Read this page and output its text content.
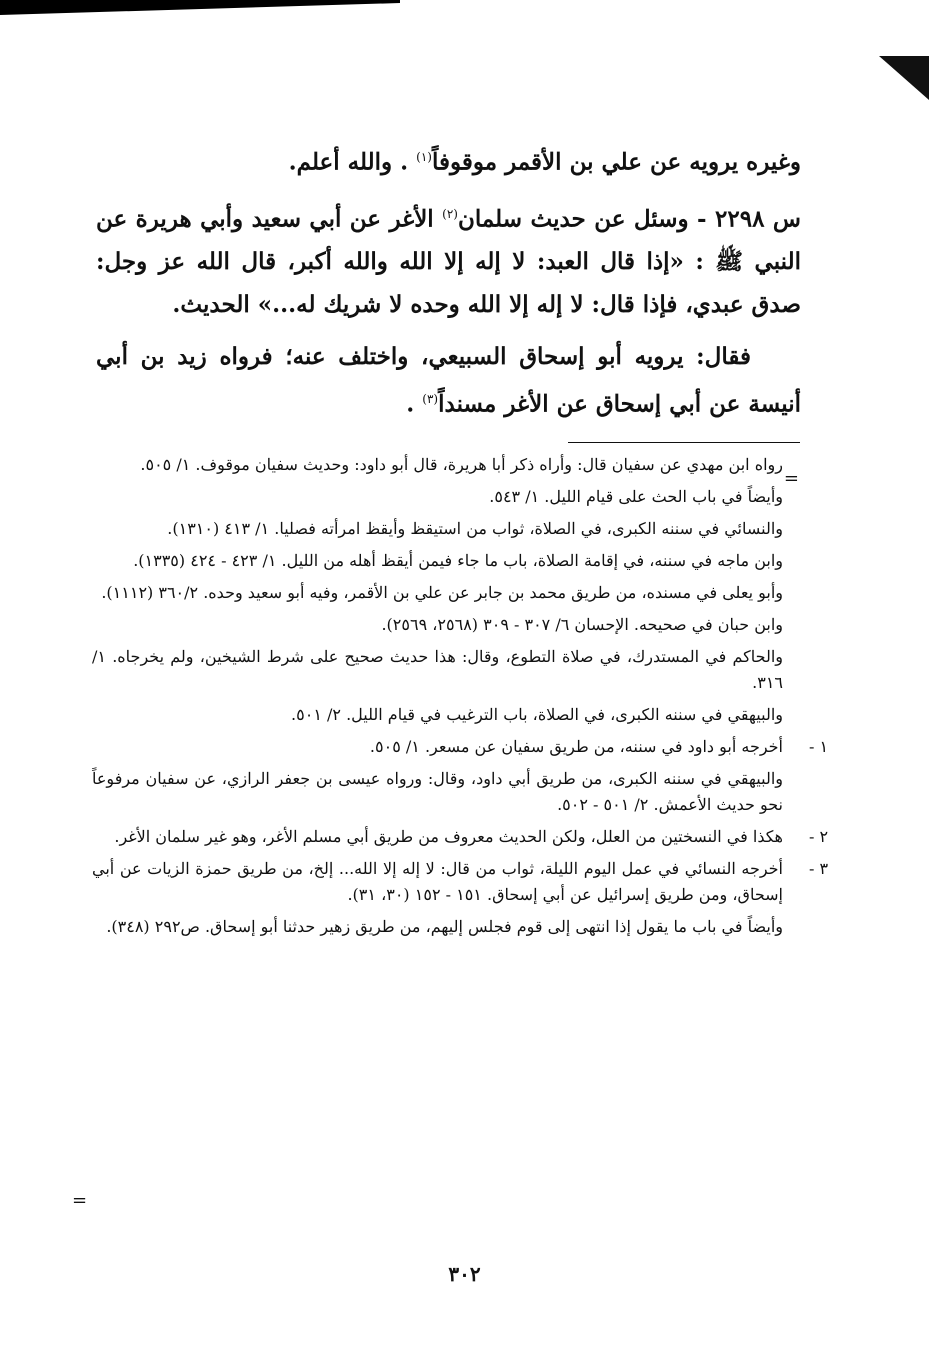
وغيره يرويه عن علي بن الأقمر موقوفاً$^{(١)}$ . والله أعلم.

س ٢٢٩٨ - وسئل عن حديث سلمان$^{(٢)}$ الأغر عن أبي سعيد وأبي هريرة عن النبي ﷺ : «إذا قال العبد: لا إله إلا الله والله أكبر، قال الله عز وجل: صدق عبدي، فإذا قال: لا إله إلا الله وحده لا شريك له...» الحديث.

فقال: يرويه أبو إسحاق السبيعي، واختلف عنه؛ فرواه زيد بن أبي أنيسة عن أبي إسحاق عن الأغر مسنداً$^{(٣)}$ .

=
=
رواه ابن مهدي عن سفيان قال: وأراه ذكر أبا هريرة، قال أبو داود: وحديث سفيان موقوف. ١/ ٥٠٥.
وأيضاً في باب الحث على قيام الليل. ١/ ٥٤٣.
والنسائي في سننه الكبرى، في الصلاة، ثواب من استيقظ وأيقظ امرأته فصليا. ١/ ٤١٣ (١٣١٠).
وابن ماجه في سننه، في إقامة الصلاة، باب ما جاء فيمن أيقظ أهله من الليل. ١/ ٤٢٣ - ٤٢٤ (١٣٣٥).
وأبو يعلى في مسنده، من طريق محمد بن جابر عن علي بن الأقمر، وفيه أبو سعيد وحده. ٣٦٠/٢ (١١١٢).
وابن حبان في صحيحه. الإحسان ٦/ ٣٠٧ - ٣٠٩ (٢٥٦٨، ٢٥٦٩).
والحاكم في المستدرك، في صلاة التطوع، وقال: هذا حديث صحيح على شرط الشيخين، ولم يخرجاه. ١/ ٣١٦.
والبيهقي في سننه الكبرى، في الصلاة، باب الترغيب في قيام الليل. ٢/ ٥٠١.
١ -
أخرجه أبو داود في سننه، من طريق سفيان عن مسعر. ١/ ٥٠٥.
والبيهقي في سننه الكبرى، من طريق أبي داود، وقال: ورواه عيسى بن جعفر الرازي، عن سفيان مرفوعاً نحو حديث الأعمش. ٢/ ٥٠١ - ٥٠٢.
٢ -
هكذا في النسختين من العلل، ولكن الحديث معروف من طريق أبي مسلم الأغر، وهو غير سلمان الأغر.
٣ -
أخرجه النسائي في عمل اليوم الليلة، ثواب من قال: لا إله إلا الله... إلخ، من طريق حمزة الزيات عن أبي إسحاق، ومن طريق إسرائيل عن أبي إسحاق. ١٥١ - ١٥٢ (٣٠، ٣١).
وأيضاً في باب ما يقول إذا انتهى إلى قوم فجلس إليهم، من طريق زهير حدثنا أبو إسحاق. ص٢٩٢ (٣٤٨).
٣٠٢
